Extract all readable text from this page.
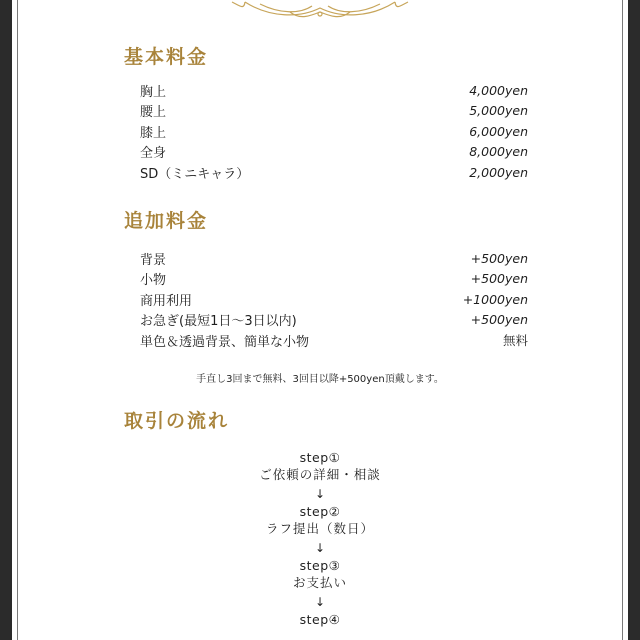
基本料金
胸上	4,000yen
腰上	5,000yen
膝上	6,000yen
全身	8,000yen
SD（ミニキャラ）	2,000yen
追加料金
背景	+500yen
小物	+500yen
商用利用	+1000yen
お急ぎ(最短1日〜3日以内)	+500yen
単色＆透過背景、簡単な小物	無料
手直し3回まで無料、3回目以降+500yen頂戴します。
取引の流れ
step①
ご依頼の詳細・相談
↓
step②
ラフ提出（数日）
↓
step③
お支払い
↓
step④
